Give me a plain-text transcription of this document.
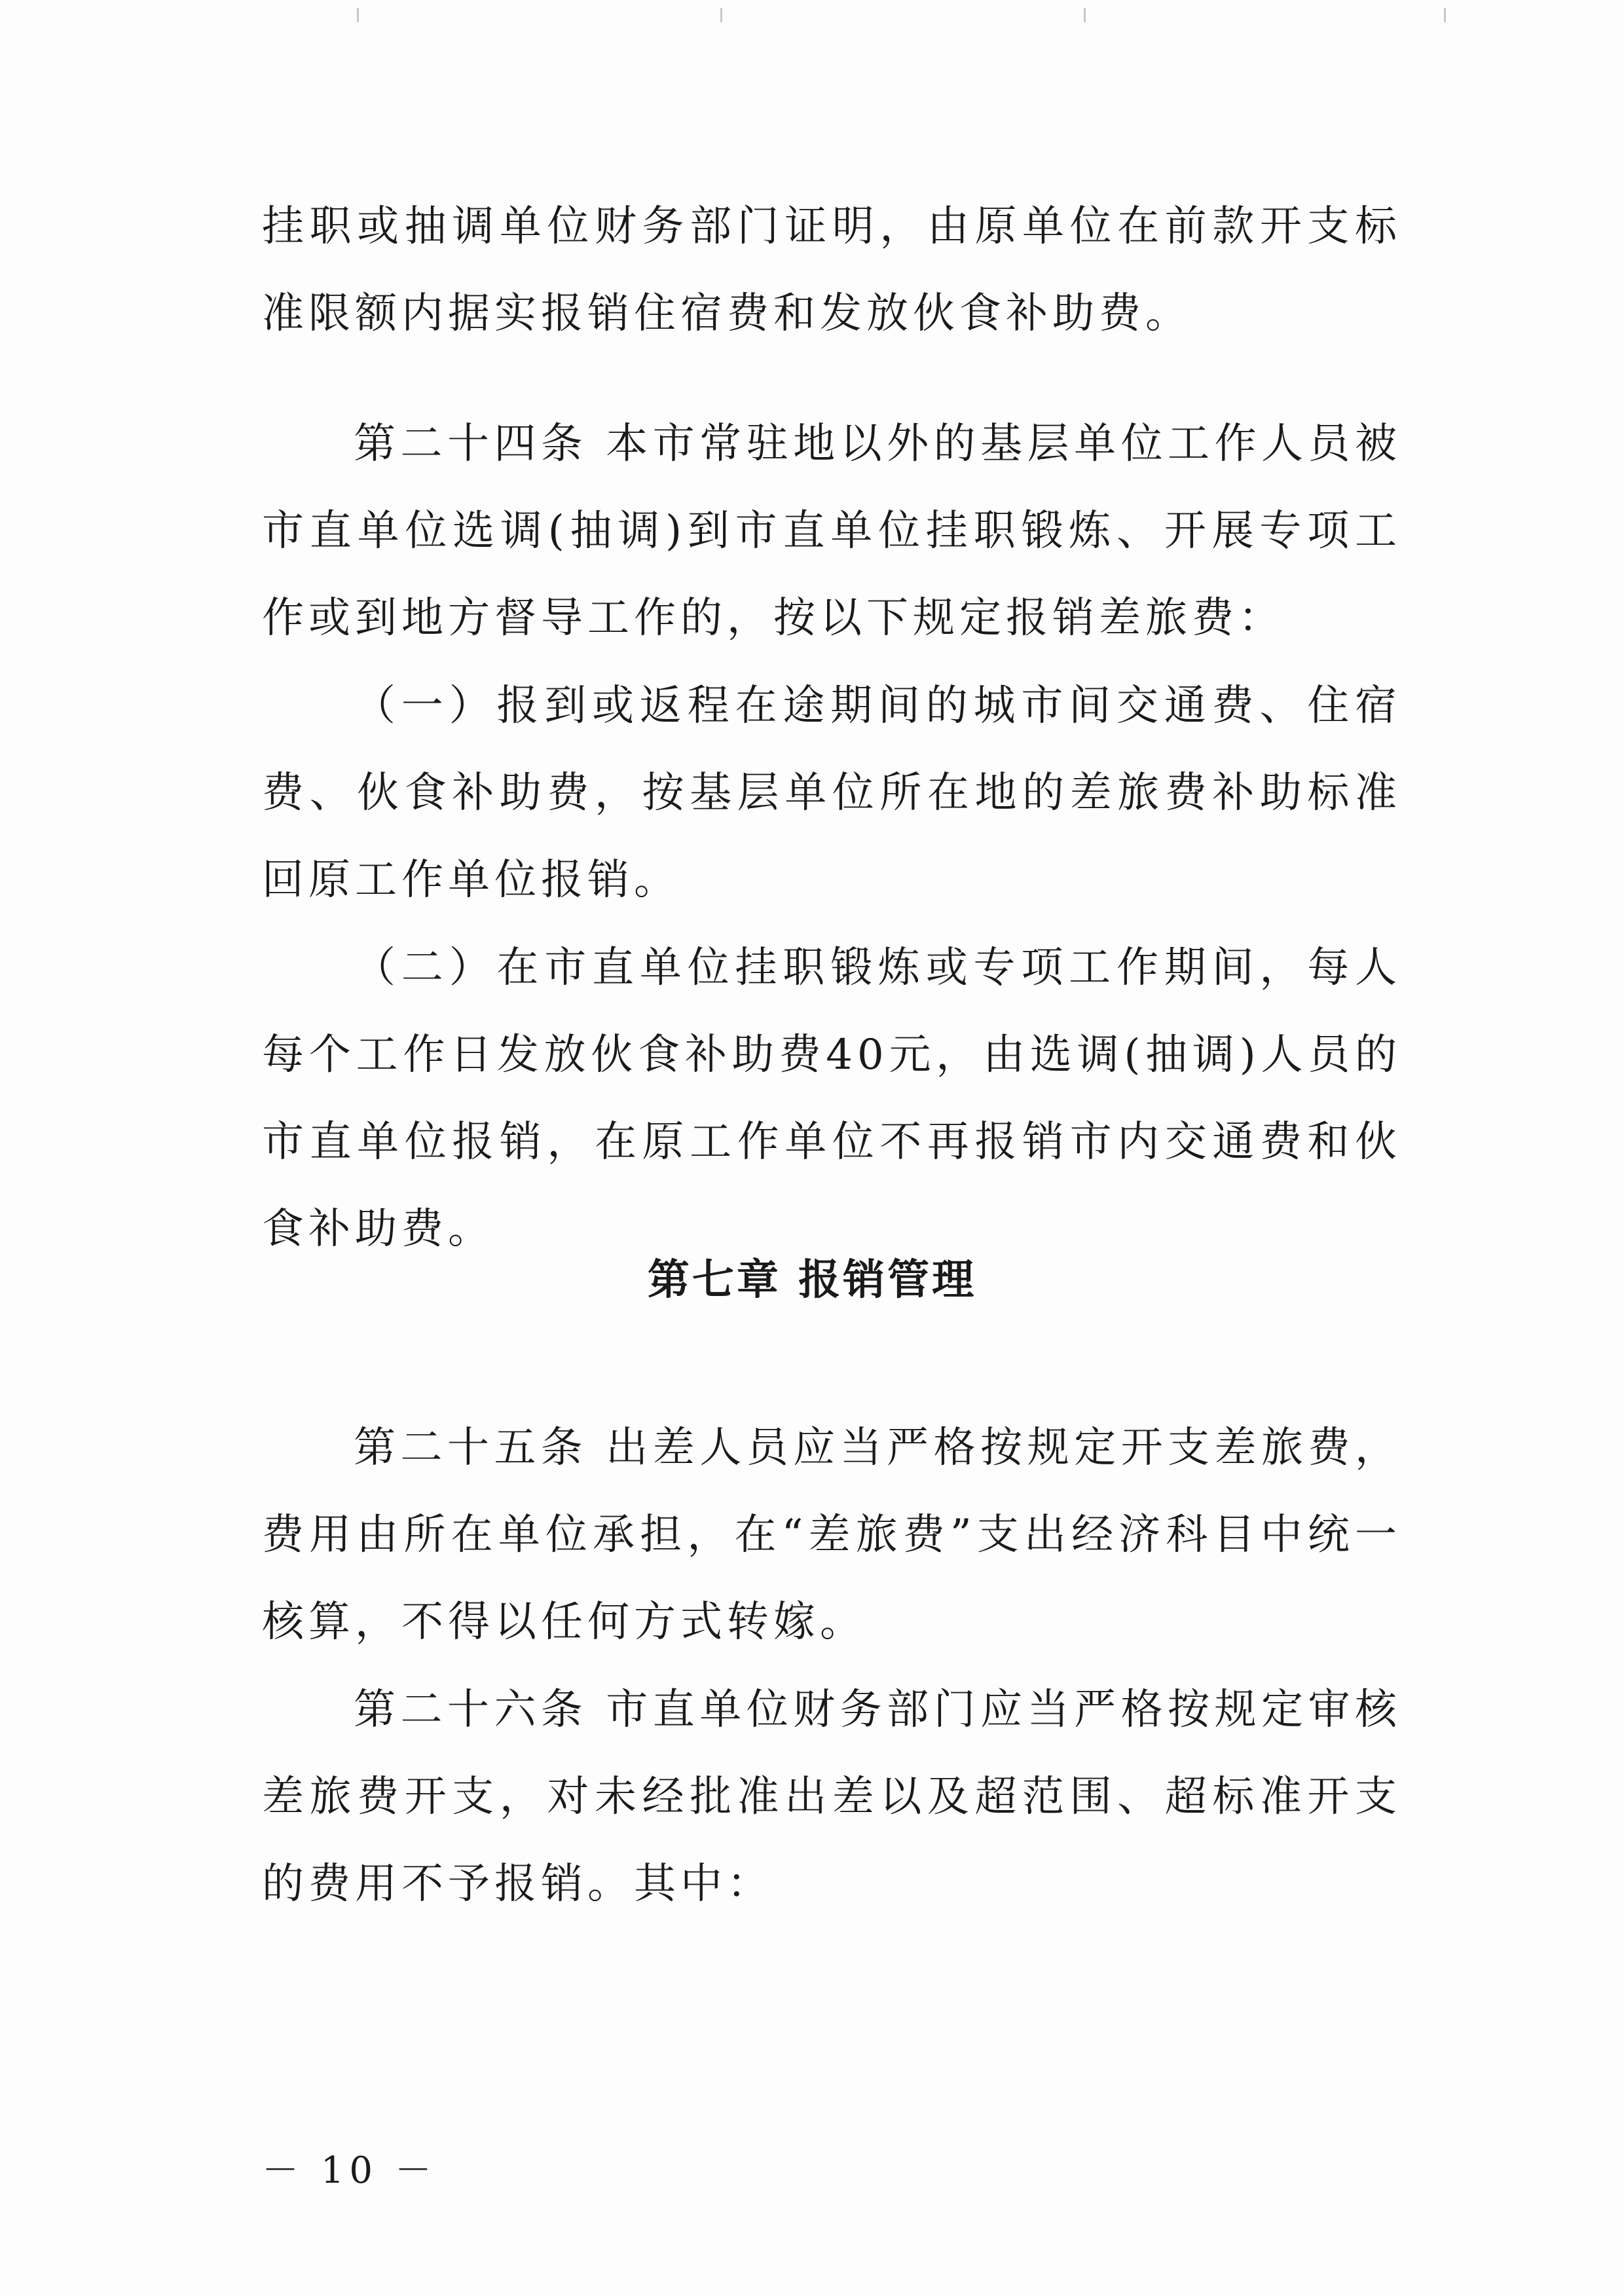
挂职或抽调单位财务部门证明，由原单位在前款开支标准限额内据实报销住宿费和发放伙食补助费。

第二十四条 本市常驻地以外的基层单位工作人员被市直单位选调(抽调)到市直单位挂职锻炼、开展专项工作或到地方督导工作的，按以下规定报销差旅费：

（一）报到或返程在途期间的城市间交通费、住宿费、伙食补助费，按基层单位所在地的差旅费补助标准回原工作单位报销。

（二）在市直单位挂职锻炼或专项工作期间，每人每个工作日发放伙食补助费40元，由选调(抽调)人员的市直单位报销，在原工作单位不再报销市内交通费和伙食补助费。

第七章 报销管理

第二十五条 出差人员应当严格按规定开支差旅费，费用由所在单位承担，在“差旅费”支出经济科目中统一核算，不得以任何方式转嫁。

第二十六条 市直单位财务部门应当严格按规定审核差旅费开支，对未经批准出差以及超范围、超标准开支的费用不予报销。其中：

－ 10 －
